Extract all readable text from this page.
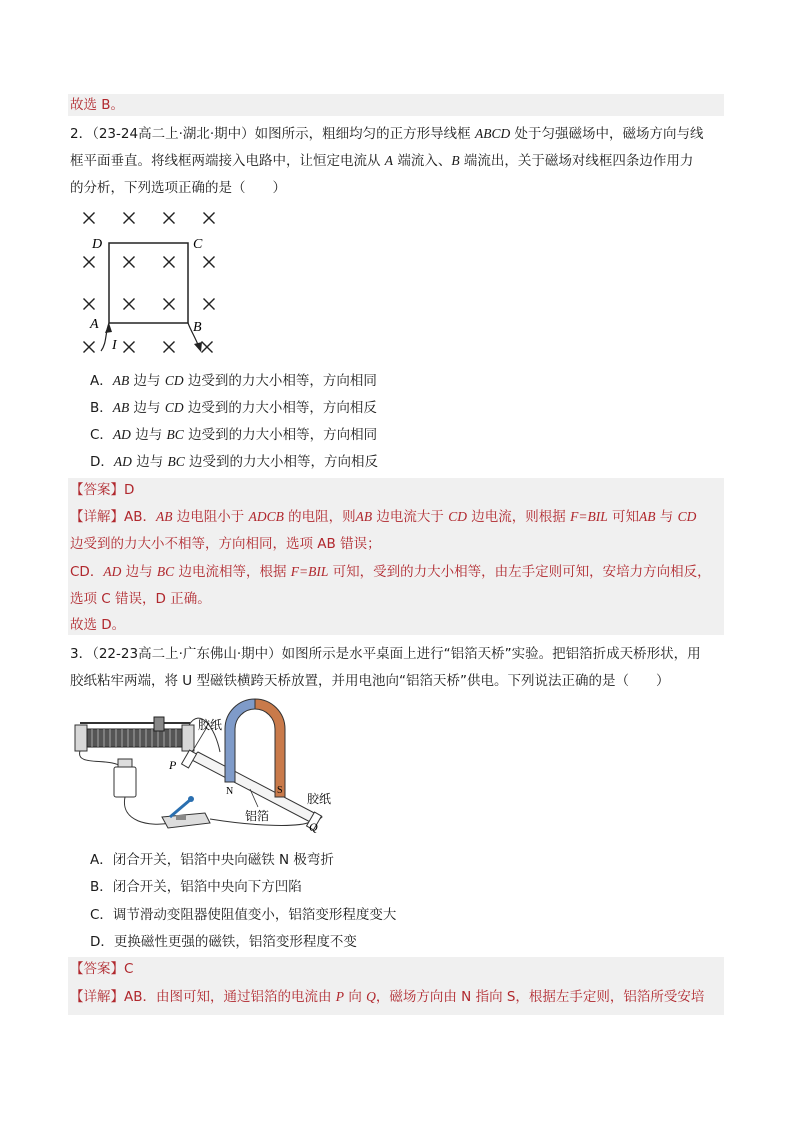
故选 B。
2．（23-24高二上·湖北·期中）如图所示，粗细均匀的正方形导线框 ABCD 处于匀强磁场中，磁场方向与线
框平面垂直。将线框两端接入电路中，让恒定电流从 A 端流入、B 端流出，关于磁场对线框四条边作用力
的分析，下列选项正确的是（　　）
D	C
A	B
I
A．AB 边与 CD 边受到的力大小相等，方向相同
B．AB 边与 CD 边受到的力大小相等，方向相反
C．AD 边与 BC 边受到的力大小相等，方向相同
D．AD 边与 BC 边受到的力大小相等，方向相反
【答案】D
【详解】AB．AB 边电阻小于 ADCB 的电阻，则AB 边电流大于 CD 边电流，则根据 F=BIL 可知AB 与 CD
边受到的力大小不相等，方向相同，选项 AB 错误；
CD．AD 边与 BC 边电流相等，根据 F=BIL 可知，受到的力大小相等，由左手定则可知，安培力方向相反，
选项 C 错误，D 正确。
故选 D。
3．（22-23高二上·广东佛山·期中）如图所示是水平桌面上进行“铝箔天桥”实验。把铝箔折成天桥形状，用
胶纸粘牢两端，将 U 型磁铁横跨天桥放置，并用电池向“铝箔天桥”供电。下列说法正确的是（　　）
胶纸
胶纸
铝箔
P
Q
N	S
A．闭合开关，铝箔中央向磁铁 N 极弯折
B．闭合开关，铝箔中央向下方凹陷
C．调节滑动变阻器使阻值变小，铝箔变形程度变大
D．更换磁性更强的磁铁，铝箔变形程度不变
【答案】C
【详解】AB．由图可知，通过铝箔的电流由 P 向 Q，磁场方向由 N 指向 S，根据左手定则，铝箔所受安培
